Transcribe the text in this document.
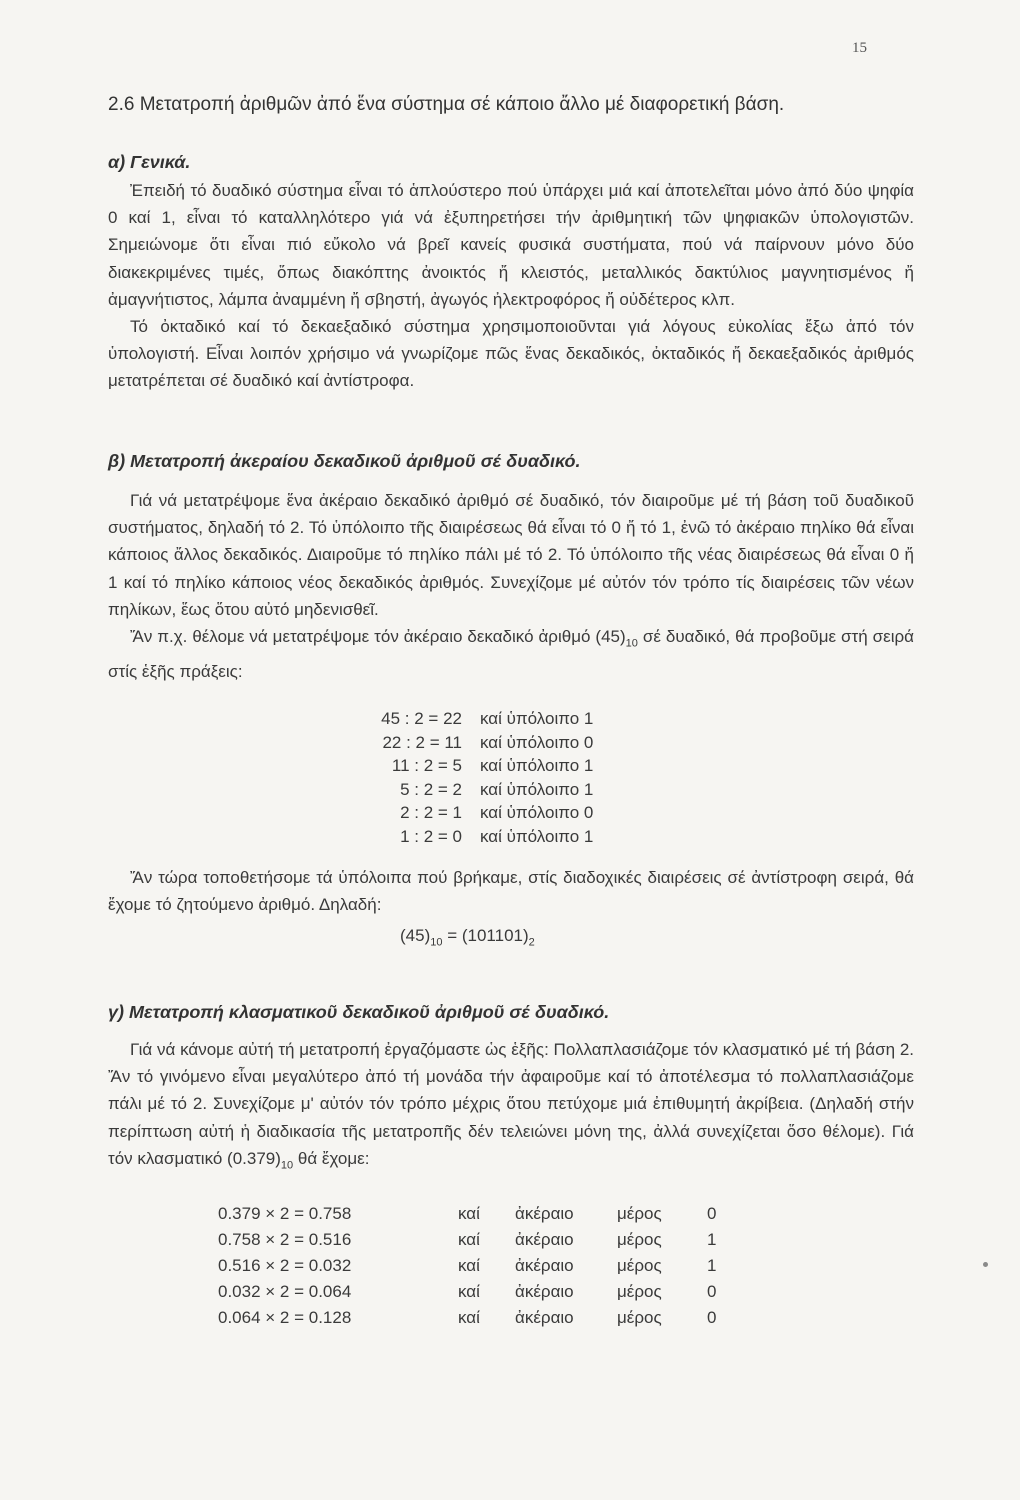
15
2.6 Μετατροπή ἀριθμῶν ἀπό ἕνα σύστημα σέ κάποιο ἄλλο μέ διαφορετική βάση.
α) Γενικά.

Ἐπειδή τό δυαδικό σύστημα εἶναι τό ἁπλούστερο πού ὑπάρχει μιά καί ἀποτελεῖται μόνο ἀπό δύο ψηφία 0 καί 1, εἶναι τό καταλληλότερο γιά νά ἐξυπηρετήσει τήν ἀριθμητική τῶν ψηφιακῶν ὑπολογιστῶν. Σημειώνομε ὅτι εἶναι πιό εὔκολο νά βρεῖ κανείς φυσικά συστήματα, πού νά παίρνουν μόνο δύο διακεκριμένες τιμές, ὅπως διακόπτης ἀνοικτός ἤ κλειστός, μεταλλικός δακτύλιος μαγνητισμένος ἤ ἀμαγνήτιστος, λάμπα ἀναμμένη ἤ σβηστή, ἀγωγός ἠλεκτροφόρος ἤ οὐδέτερος κλπ.

Τό ὀκταδικό καί τό δεκαεξαδικό σύστημα χρησιμοποιοῦνται γιά λόγους εὐκολίας ἔξω ἀπό τόν ὑπολογιστή. Εἶναι λοιπόν χρήσιμο νά γνωρίζομε πῶς ἕνας δεκαδικός, ὀκταδικός ἤ δεκαεξαδικός ἀριθμός μετατρέπεται σέ δυαδικό καί ἀντίστροφα.

β) Μετατροπή ἀκεραίου δεκαδικοῦ ἀριθμοῦ σέ δυαδικό.

Γιά νά μετατρέψομε ἕνα ἀκέραιο δεκαδικό ἀριθμό σέ δυαδικό, τόν διαιροῦμε μέ τή βάση τοῦ δυαδικοῦ συστήματος, δηλαδή τό 2. Τό ὑπόλοιπο τῆς διαιρέσεως θά εἶναι τό 0 ἤ τό 1, ἐνῶ τό ἀκέραιο πηλίκο θά εἶναι κάποιος ἄλλος δεκαδικός. Διαιροῦμε τό πηλίκο πάλι μέ τό 2. Τό ὑπόλοιπο τῆς νέας διαιρέσεως θά εἶναι 0 ἤ 1 καί τό πηλίκο κάποιος νέος δεκαδικός ἀριθμός. Συνεχίζομε μέ αὐτόν τόν τρόπο τίς διαιρέσεις τῶν νέων πηλίκων, ἕως ὅτου αὐτό μηδενισθεῖ.

Ἄν π.χ. θέλομε νά μετατρέψομε τόν ἀκέραιο δεκαδικό ἀριθμό $(45)_{10}$ σέ δυαδικό, θά προβοῦμε στή σειρά στίς ἑξῆς πράξεις:

45 : 2 = 22	καί ὑπόλοιπο 1
22 : 2 = 11	καί ὑπόλοιπο 0
11 : 2 = 5	καί ὑπόλοιπο 1
5 : 2 = 2	καί ὑπόλοιπο 1
2 : 2 = 1	καί ὑπόλοιπο 0
1 : 2 = 0	καί ὑπόλοιπο 1

Ἄν τώρα τοποθετήσομε τά ὑπόλοιπα πού βρήκαμε, στίς διαδοχικές διαιρέσεις σέ ἀντίστροφη σειρά, θά ἔχομε τό ζητούμενο ἀριθμό. Δηλαδή:

$(45)_{10} = (101101)_2$
γ) Μετατροπή κλασματικοῦ δεκαδικοῦ ἀριθμοῦ σέ δυαδικό.

Γιά νά κάνομε αὐτή τή μετατροπή ἐργαζόμαστε ὡς ἑξῆς: Πολλαπλασιάζομε τόν κλασματικό μέ τή βάση 2. Ἄν τό γινόμενο εἶναι μεγαλύτερο ἀπό τή μονάδα τήν ἀφαιροῦμε καί τό ἀποτέλεσμα τό πολλαπλασιάζομε πάλι μέ τό 2. Συνεχίζομε μ' αὐτόν τόν τρόπο μέχρις ὅτου πετύχομε μιά ἐπιθυμητή ἀκρίβεια. (Δηλαδή στήν περίπτωση αὐτή ἡ διαδικασία τῆς μετατροπῆς δέν τελειώνει μόνη της, ἀλλά συνεχίζεται ὅσο θέλομε). Γιά τόν κλασματικό $(0.379)_{10}$ θά ἔχομε:

0.379 × 2 = 0.758	καί	ἀκέραιο	μέρος	0
0.758 × 2 = 0.516	καί	ἀκέραιο	μέρος	1
0.516 × 2 = 0.032	καί	ἀκέραιο	μέρος	1
0.032 × 2 = 0.064	καί	ἀκέραιο	μέρος	0
0.064 × 2 = 0.128	καί	ἀκέραιο	μέρος	0
